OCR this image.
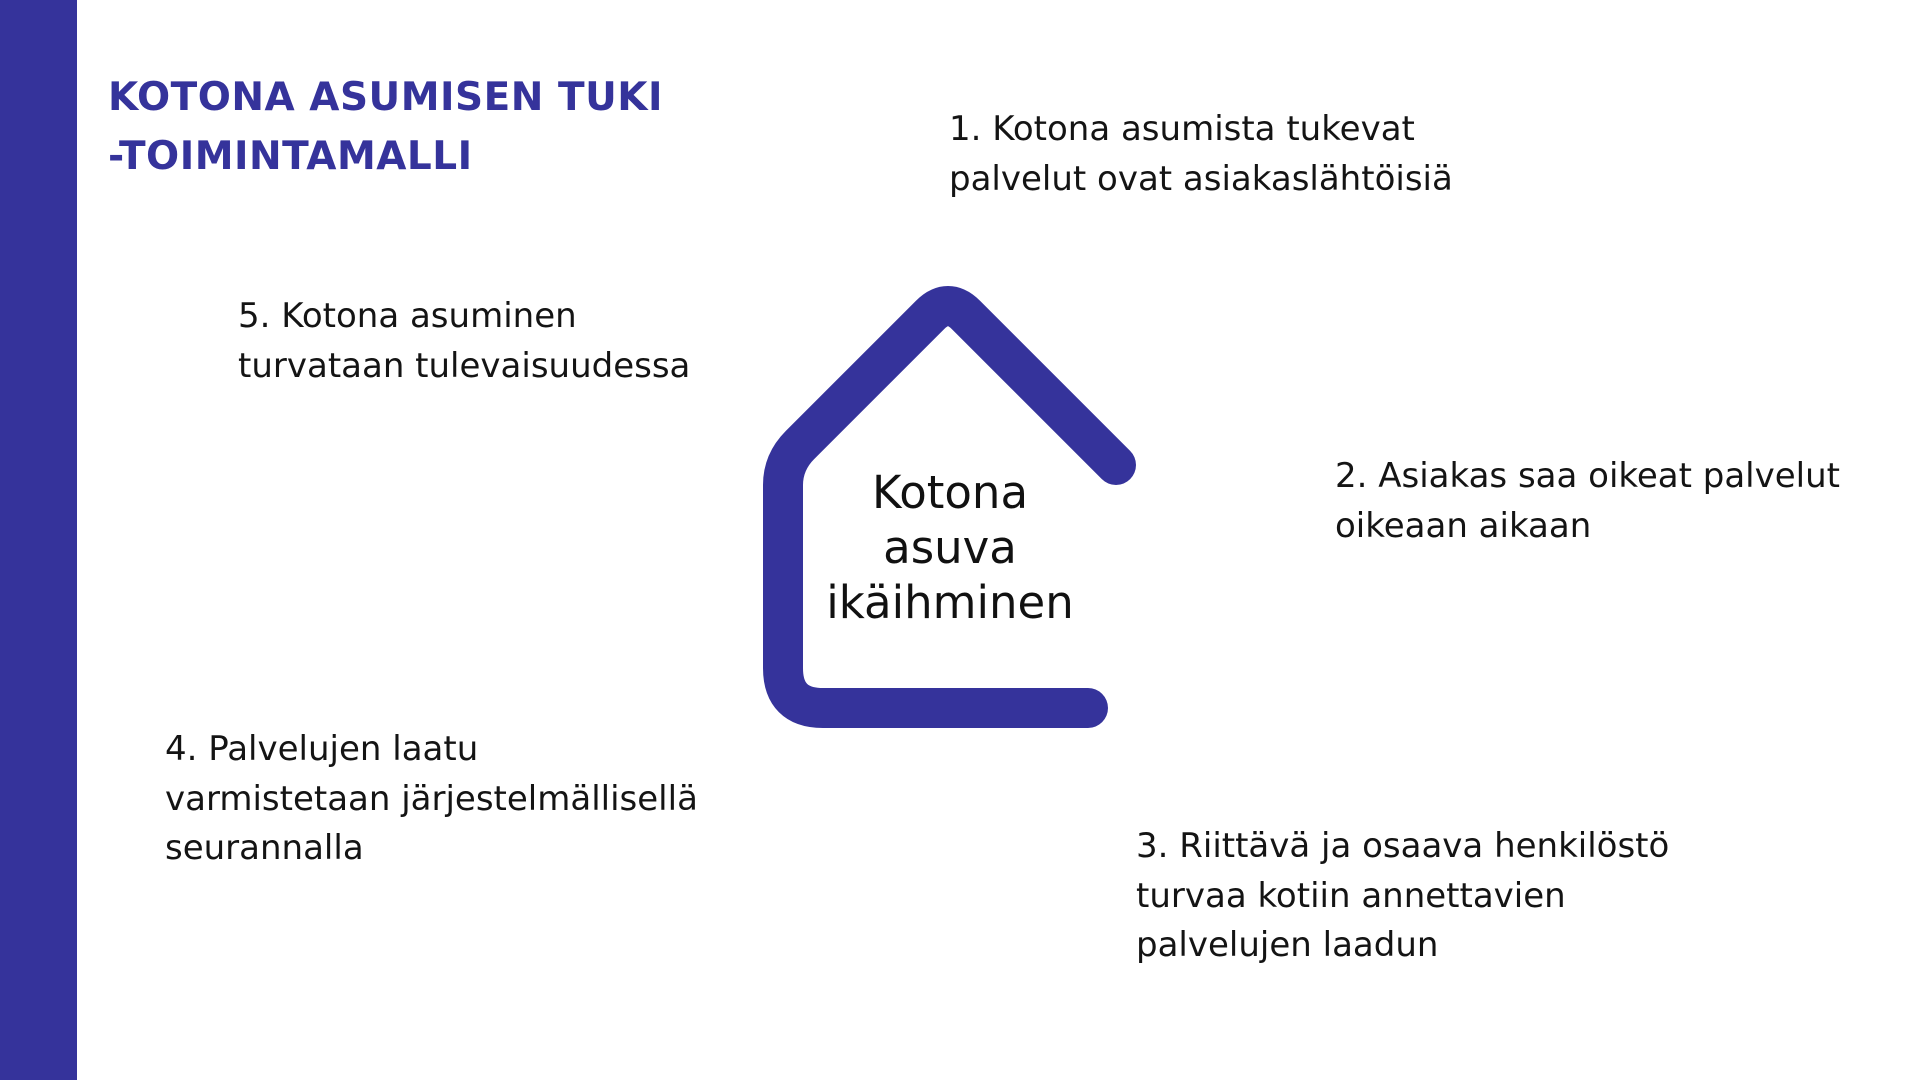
KOTONA ASUMISEN TUKI
-TOIMINTAMALLI

Kotona
asuva
ikäihminen

1. Kotona asumista tukevat
palvelut ovat asiakaslähtöisiä

2. Asiakas saa oikeat palvelut
oikeaan aikaan

3. Riittävä ja osaava henkilöstö
turvaa kotiin annettavien
palvelujen laadun

4. Palvelujen laatu
varmistetaan järjestelmällisellä
seurannalla

5. Kotona asuminen
turvataan tulevaisuudessa
